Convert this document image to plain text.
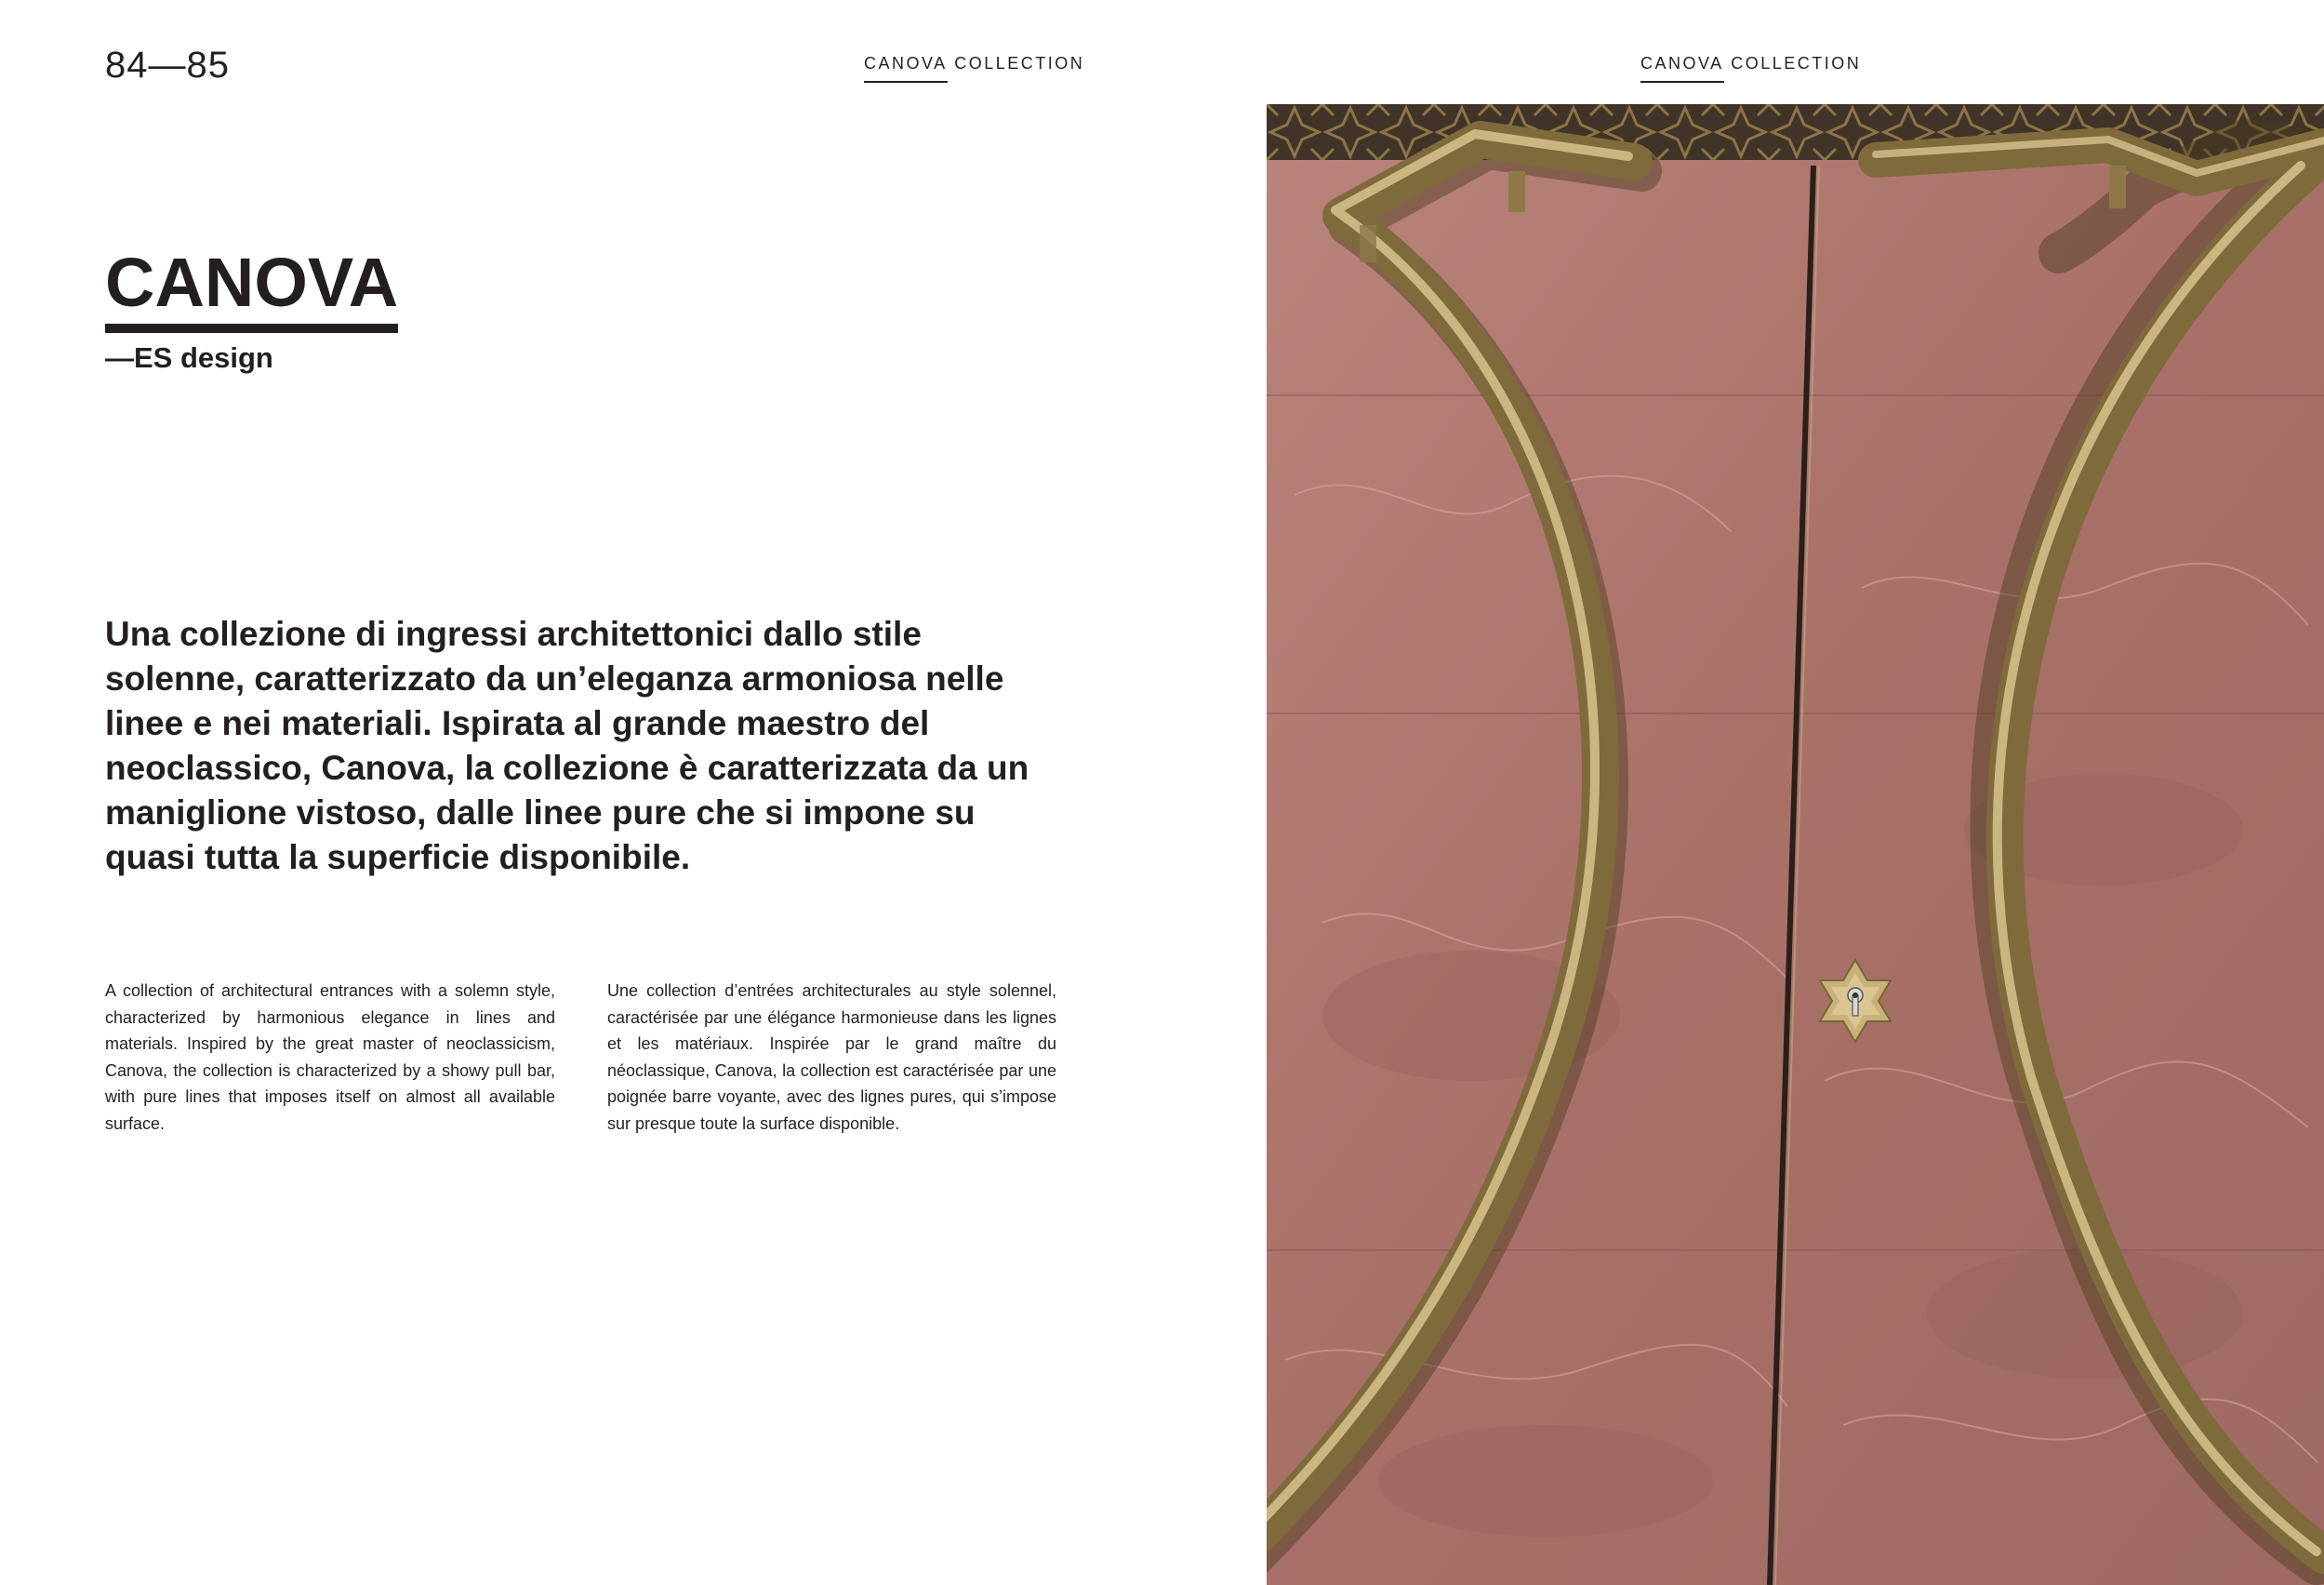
84—85	CANOVA COLLECTION	CANOVA COLLECTION
CANOVA
—ES design

Una collezione di ingressi architettonici dallo stile solenne, caratterizzato da un’eleganza armoniosa nelle linee e nei materiali. Ispirata al grande maestro del neoclassico, Canova, la collezione è caratterizzata da un maniglione vistoso, dalle linee pure che si impone su quasi tutta la superficie disponibile.

A collection of architectural entrances with a solemn style, characterized by harmonious elegance in lines and materials. Inspired by the great master of neoclassicism, Canova, the collection is characterized by a showy pull bar, with pure lines that imposes itself on almost all available surface.

Une collection d’entrées architecturales au style solennel, caractérisée par une élégance harmonieuse dans les lignes et les matériaux. Inspirée par le grand maître du néoclassique, Canova, la collection est caractérisée par une poignée barre voyante, avec des lignes pures, qui s’impose sur presque toute la surface disponible.
